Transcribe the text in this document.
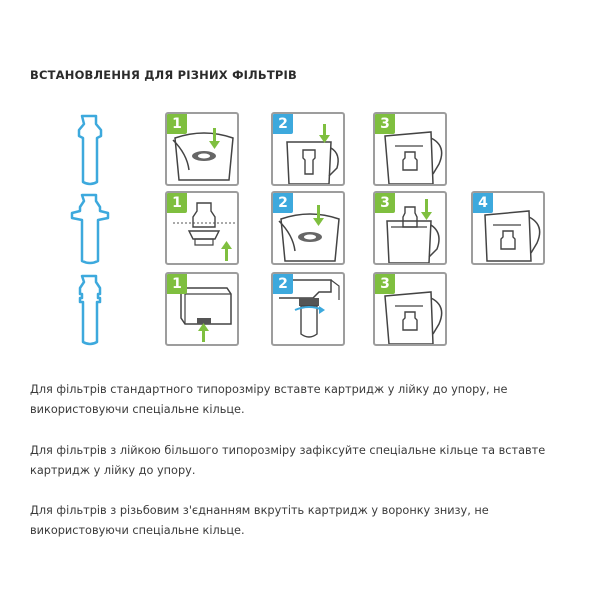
ВСТАНОВЛЕННЯ ДЛЯ РІЗНИХ ФІЛЬТРІВ
1	2	3
1	2	3	4
1	2	3

Для фільтрів стандартного типорозміру вставте картридж у лійку до упору, не використовуючи спеціальне кільце.

Для фільтрів з лійкою більшого типорозміру зафіксуйте спеціальне кільце та вставте картридж у лійку до упору.

Для фільтрів з різьбовим з'єднанням вкрутіть картридж у воронку знизу, не використовуючи спеціальне кільце.
